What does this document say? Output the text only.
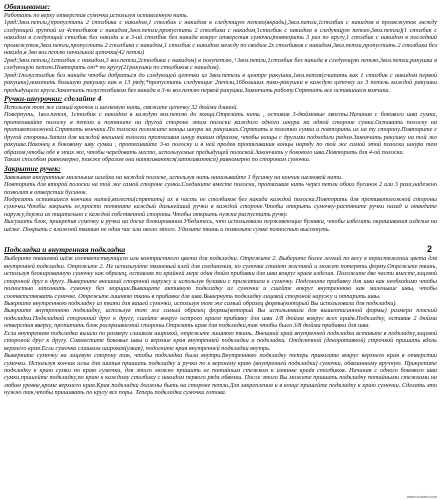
Обвязывание:

Работать по верху отверстия сумочки,используя оставленную нить.

1ряд:3воз.петли,(пропустить 2 столбика с накидом,1 столбик с накидом в следующую петлю(вкрадь),3воз.петли,1столбик с накидом в промежуток между следующей группой из 4столбиков с накидом,3воз.петли,пропустить 2 столбика с накидом,1столбик с накидом в следующую петлю,3воз.петли)(1 столбик с накидом в следующий столбик без накида и в 3-ий столбик без накида вокруг отверстия сумочки)повторить 3 раз по кругу,1 столбик с накидом в последний промежуток,3воз.петли,пропустить 2 столбика с накидом,1 столбик с накидом между по сводам 2х столбиков с накидом,3воз.петли,пропустить 2 столбика без накида,в 3во воз.петлю начальной цепочки(42 петли)

2ряд:3воз.петли,(1столбик с накидом,3 воз.петли,2столбика с накидом) в полупетлю,+3воз.петли,1столбик без накида в следующую петлю,3воз.петли,ракушка в следующую петлю.Повторить от* по кругу(21ракушки по столбиков с накидом).

3ряд:1полустолбик без накида чтобы добраться до следующей цепочки из 3воз.петель в центре ракушки,1воз.петля(считать как 1 столбик с накидом первой ракушки),накопить большую ракушку как в 13 ряду,*пропустить следующие 2петли,16больших пико-ракушки в каждую цепочку из 3 петель каждой ракушки предыдущего круга.Закончить полустолбиком без накида в 3-ю воз.петлю первой ракушки.Закончить работу.Спрятать все оставшиеся кончики.

Ручки-шнурочки: сделайте 4

Используя тот же самый крючок и шелковую нить, свяжите цепочку 32 дюйма длиной.

Повернуть, 1воз.петля, 1столбик с накидом в каждую воз.петлю до конца.Отрезать нить , оставив 3-дюймовые хвосты.Начиная с бокового шва сумки, протягивайте полоску в петлю и потяните на другой стороне этим полоски каждого одного шнура на одной стороне сумки.Оставить полоску на противоположной.Спрятать кончики.По полоски положите концы шнура на ракушках.Спрятать в полотно сумки и повторить их на ту сторону.Повторите с другой стороны.Затем для каждой внешней полоски протягивая шнур таким образом, чтобы концы с другими подходили рядом.Закончить ракушку на той же ракушке.Наконец к боковому шву сумки , протягивайте 3-ю полоску и в ней продев протягивания концы наряду по той же самой этой полоски шнура тем образом,чтобы обе в этих же, чтобы чередовать место, используемые предыдущей полоской.Закончить у бокового шва.Повторить для 4-ой полоски.

Таким способом равномерно, также образом они натягиваются(затягиваются) равномерно по сторонам сумочки.

Закрытие ручек:

Завязывая аккуратные маленькие шлейки на каждой полоске, используя нить нанизывайте 1 бусинку на кончик шелковой нити.

Повторить для второй полоски на той же самой стороне сумки.Соедините вместе полоски, протягивая нить через петли обоих бусинок 2 или 3 раза,надежно позволит в отверстии бусинок.

Подрезать оставшиеся кончики нитей,вплести(спрятать) их в часть не столбиков без накида каждой полоски.Повторить для противоположной стороны сумочки.Чтобы закрыть ее,просто потяните каждый дальнейший ручки в каждой стороне.Чтобы открыть сумочку-растяните ручки назад и отведите наружу,держа их тщательно с каждой собственной стороны.Чтобы открыть нужна распустить ручку.

Высушить блок, прикрепив сумочку и ручки на доске блокирования.Убедитесь, что использовали нержавеющие булавки, чтобы избегать окрашивания изделия на шёлке. Покрыть с влажной тканью не один час или около этого. Удалите ткань и позвольте сумке полностью высохнуть.

Подкладка и внутренняя подкладка

Выберите тканевой шёлк соответствующего или контрастного цвета для подкладки. Отрежьте 2. Выберите более легкий по весу в нерастяжении цвета для внутренней подкладки. Отрежьте 2. Не используйте тканевый клей для соединения, но сумочка станет жесткой и может потерять форму.Отрежьте ткань, используя блокированную сумочку как образец, оставляя по крайней мере один дюйм прибавки для шва вокруг краев изделия. Положите две части вместе,лицевой стороной друг к другу. Выверните внешний стороной наружу и используя булавки с прижатием к сумочку. Подгоните прибавку для шва как необходимо чтобы полностью заполнить сумочку без морщин.Выващите активную подкладку из сумочки и сшейте вокруг внутреннюю как маленькие швы, чтобы соответствовать сумочке. Отрежьте лишнюю ткань в прибавке для шва.Вывернуть подкладку лицевой стороной наружу и отпарить швы.

Выкроите внутреннюю подкладку из ткани для вашей сумочки, используя тот же самый образец формы(который Вы использовали для подкладки).

Выкроите внутреннюю подкладку, используя тот же самый образец формы(который Вы использовали для вышеописанной формы) размера плоский подкладки.Подкладкой сторонний друг к другу, сшейте вокруг острого краем прибавку для шва 1/8 дюйма вокруг всех краёв.Подкладку, оставив 2 дюйма отверстия вверху, пропитать блок раскраиваемой стороны.Отрезать края для подкладки,так чтобы было 3/8 дюйма прибавки для шва.

Если внутренняя подкладка вышла по размеру слишком широкой, отрежьте лишнюю ткань. Внешний край внутренней подкладки вставьте в подкладку,лицевой стороной друг к другу. Совместите боковые швы и верхние края внутренней подкладки и подкладки. Отделочной (декоративной) строчкой пришить вдоль верхнего края.Если сумочка слишком широкая(узкая), подогните края внутренней подкладки внутрь.

Выверните сумочку на лицевую сторону так, чтобы подкладка была внутри.Внутреннюю подкладку теперь приколите вокруг верхнего края в отверстии сумочки. Используя кончик иглы для шитья пришить подкладку и ручки по к верхнему краю (внутренней подкладки) сумочки, обвязанному вручную. Прикрепите подкладку к краю сумки по краю сумочки, для этого можно пришить ее потайным стежком к изнанке краёв столбиков. Начиная с одного бокового шва сумки,пришейте подкладку,по краю к каждому столбику с накидом первого ряда обвязки. После этого Вы можете пришить подкладку потайными стежками на любом уровне,кроме верхнего края.Края подкладки должны быть на стороне петли.Для закрепления и в конце пришейте подкладку к краю сумочки. Сделать это нужно так,чтобы пришивать по кругу все поры. Теперь подкладка сумочки готова.

2
www.zolaisv.com
